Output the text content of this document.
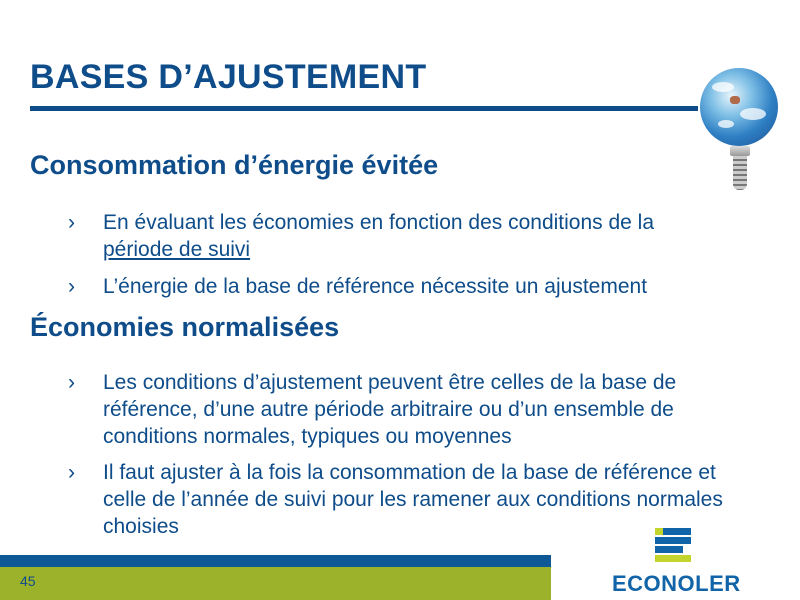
BASES D’AJUSTEMENT
Consommation d’énergie évitée
› En évaluant les économies en fonction des conditions de la
période de suivi
› L’énergie de la base de référence nécessite un ajustement
Économies normalisées
› Les conditions d’ajustement peuvent être celles de la base de référence, d’une autre période arbitraire ou d’un ensemble de conditions normales, typiques ou moyennes
› Il faut ajuster à la fois la consommation de la base de référence et celle de l’année de suivi pour les ramener aux conditions normales choisies
45	ECONOLER
